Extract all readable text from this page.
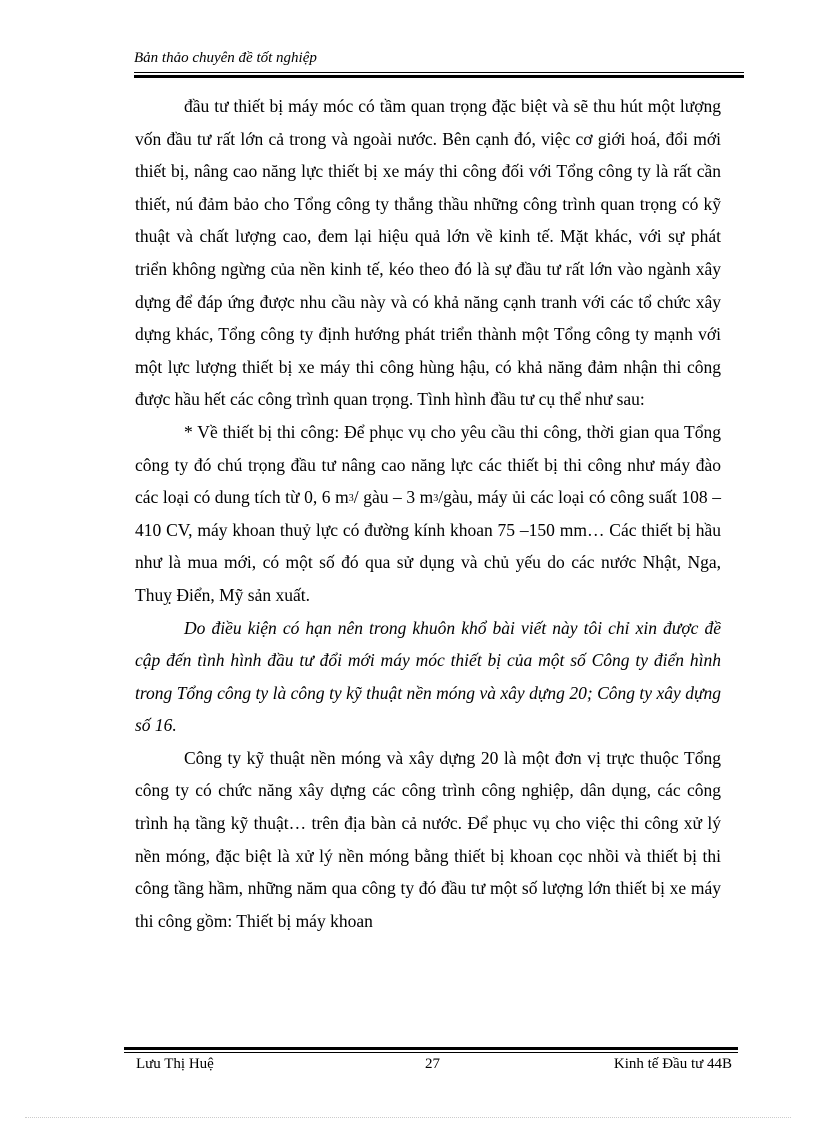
Bản thảo chuyên đề tốt nghiệp

đầu tư thiết bị máy móc có tầm quan trọng đặc biệt và sẽ thu hút một lượng vốn đầu tư rất lớn cả trong và ngoài nước. Bên cạnh đó, việc cơ giới hoá, đổi mới thiết bị, nâng cao năng lực thiết bị xe máy thi công đối với Tổng công ty là rất cần thiết, nú đảm bảo cho Tổng công ty thắng thầu những công trình quan trọng có kỹ thuật và chất lượng cao, đem lại hiệu quả lớn về kinh tế. Mặt khác, với sự phát triển không ngừng của nền kinh tế, kéo theo đó là sự đầu tư rất lớn vào ngành xây dựng để đáp ứng được nhu cầu này và có khả năng cạnh tranh với các tổ chức xây dựng khác, Tổng công ty định hướng phát triển thành một Tổng công ty mạnh với một lực lượng thiết bị xe máy thi công hùng hậu, có khả năng đảm nhận thi công được hầu hết các công trình quan trọng. Tình hình đầu tư cụ thể như sau:

* Về thiết bị thi công: Để phục vụ cho yêu cầu thi công, thời gian qua Tổng công ty đó chú trọng đầu tư nâng cao năng lực các thiết bị thi công như máy đào các loại có dung tích từ 0, 6 $m^3/$ gàu – 3 $m^3$/gàu, máy ủi các loại có công suất 108 – 410 CV, máy khoan thuỷ lực có đường kính khoan 75 –150 mm… Các thiết bị hầu như là mua mới, có một số đó qua sử dụng và chủ yếu do các nước Nhật, Nga, Thuỵ Điển, Mỹ sản xuất.

Do điều kiện có hạn nên trong khuôn khổ bài viết này tôi chỉ xin được đề cập đến tình hình đầu tư đổi mới máy móc thiết bị của một số Công ty điển hình trong Tổng công ty là công ty kỹ thuật nền móng và xây dựng 20; Công ty xây dựng số 16.

Công ty kỹ thuật nền móng và xây dựng 20 là một đơn vị trực thuộc Tổng công ty có chức năng xây dựng các công trình công nghiệp, dân dụng, các công trình hạ tầng kỹ thuật… trên địa bàn cả nước. Để phục vụ cho việc thi công xử lý nền móng, đặc biệt là xử lý nền móng bằng thiết bị khoan cọc nhồi và thiết bị thi công tầng hầm, những năm qua công ty đó đầu tư một số lượng lớn thiết bị xe máy thi công gồm: Thiết bị máy khoan

Lưu Thị Huệ	27	Kinh tế Đầu tư 44B
